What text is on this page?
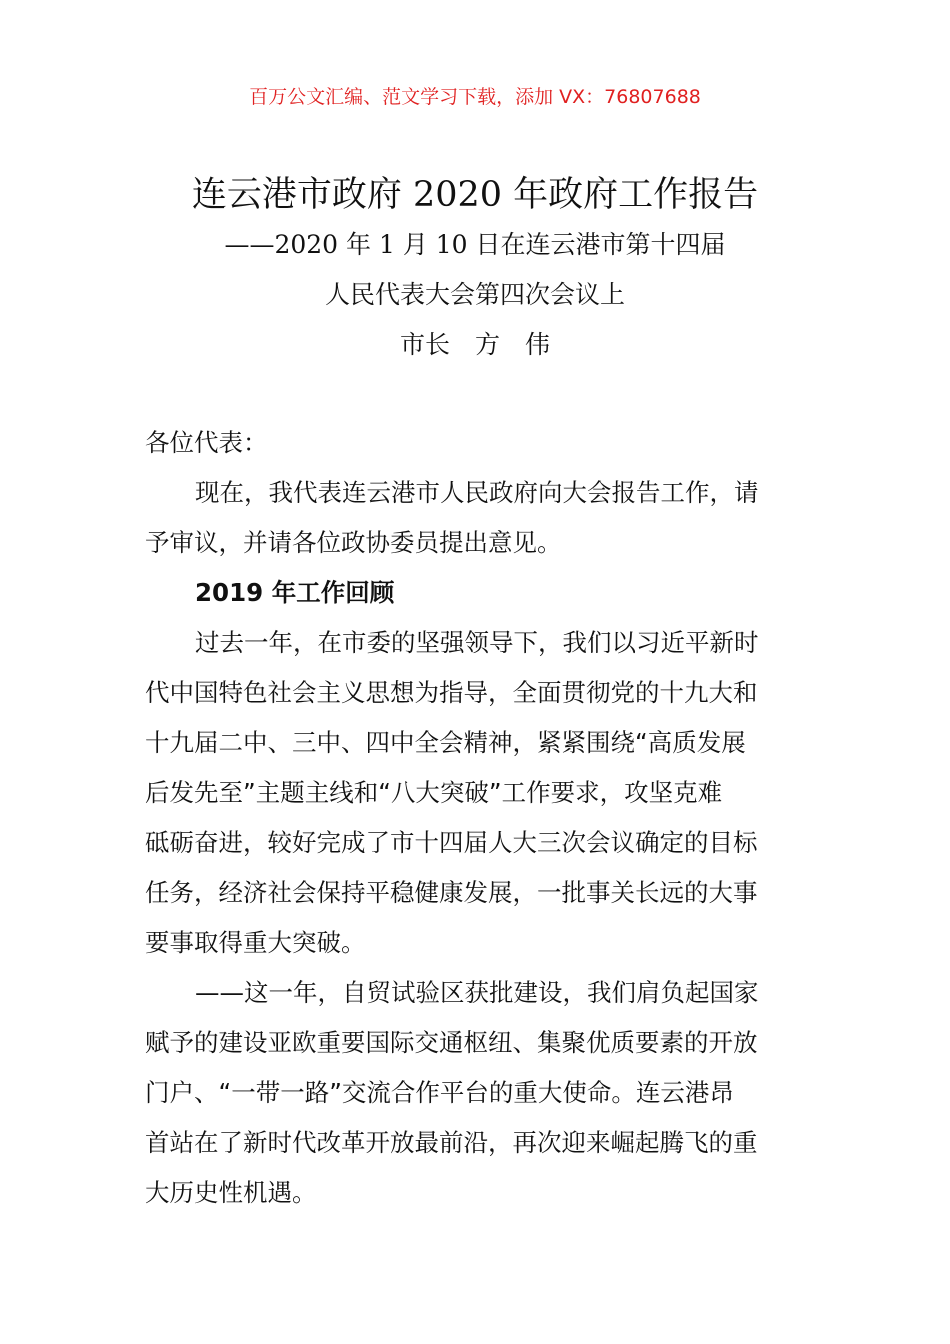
百万公文汇编、范文学习下载，添加 VX：76807688
连云港市政府 2020 年政府工作报告
——2020 年 1 月 10 日在连云港市第十四届
人民代表大会第四次会议上
市长　方　伟
各位代表：
现在，我代表连云港市人民政府向大会报告工作，请
予审议，并请各位政协委员提出意见。
2019 年工作回顾
过去一年，在市委的坚强领导下，我们以习近平新时
代中国特色社会主义思想为指导，全面贯彻党的十九大和
十九届二中、三中、四中全会精神，紧紧围绕“高质发展
后发先至”主题主线和“八大突破”工作要求，攻坚克难
砥砺奋进，较好完成了市十四届人大三次会议确定的目标
任务，经济社会保持平稳健康发展，一批事关长远的大事
要事取得重大突破。
——这一年，自贸试验区获批建设，我们肩负起国家
赋予的建设亚欧重要国际交通枢纽、集聚优质要素的开放
门户、“一带一路”交流合作平台的重大使命。连云港昂
首站在了新时代改革开放最前沿，再次迎来崛起腾飞的重
大历史性机遇。
